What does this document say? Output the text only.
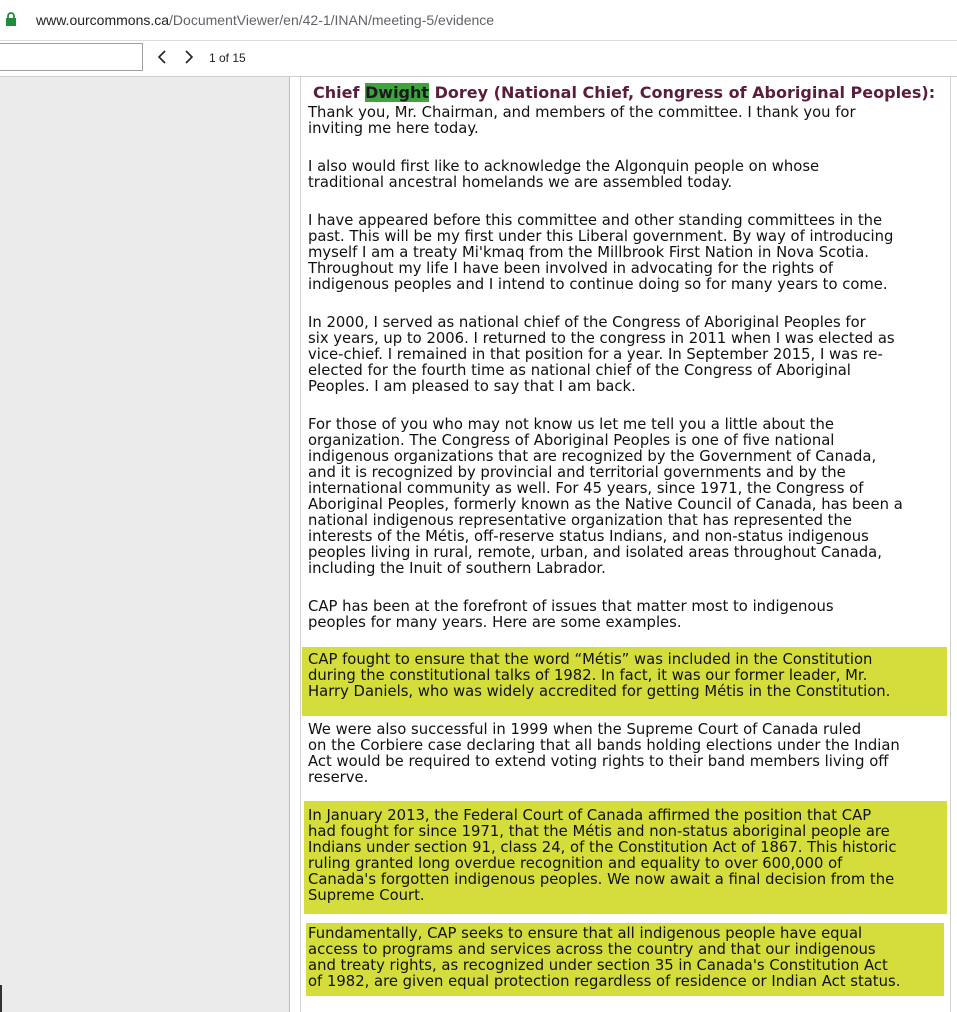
www.ourcommons.ca/DocumentViewer/en/42-1/INAN/meeting-5/evidence
1 of 15
Chief Dwight Dorey (National Chief, Congress of Aboriginal Peoples):
Thank you, Mr. Chairman, and members of the committee. I thank you for
inviting me here today.
I also would first like to acknowledge the Algonquin people on whose
traditional ancestral homelands we are assembled today.
I have appeared before this committee and other standing committees in the
past. This will be my first under this Liberal government. By way of introducing
myself I am a treaty Mi'kmaq from the Millbrook First Nation in Nova Scotia.
Throughout my life I have been involved in advocating for the rights of
indigenous peoples and I intend to continue doing so for many years to come.
In 2000, I served as national chief of the Congress of Aboriginal Peoples for
six years, up to 2006. I returned to the congress in 2011 when I was elected as
vice-chief. I remained in that position for a year. In September 2015, I was re-
elected for the fourth time as national chief of the Congress of Aboriginal
Peoples. I am pleased to say that I am back.
For those of you who may not know us let me tell you a little about the
organization. The Congress of Aboriginal Peoples is one of five national
indigenous organizations that are recognized by the Government of Canada,
and it is recognized by provincial and territorial governments and by the
international community as well. For 45 years, since 1971, the Congress of
Aboriginal Peoples, formerly known as the Native Council of Canada, has been a
national indigenous representative organization that has represented the
interests of the Métis, off-reserve status Indians, and non-status indigenous
peoples living in rural, remote, urban, and isolated areas throughout Canada,
including the Inuit of southern Labrador.
CAP has been at the forefront of issues that matter most to indigenous
peoples for many years. Here are some examples.
CAP fought to ensure that the word “Métis” was included in the Constitution
during the constitutional talks of 1982. In fact, it was our former leader, Mr.
Harry Daniels, who was widely accredited for getting Métis in the Constitution.
We were also successful in 1999 when the Supreme Court of Canada ruled
on the Corbiere case declaring that all bands holding elections under the Indian
Act would be required to extend voting rights to their band members living off
reserve.
In January 2013, the Federal Court of Canada affirmed the position that CAP
had fought for since 1971, that the Métis and non-status aboriginal people are
Indians under section 91, class 24, of the Constitution Act of 1867. This historic
ruling granted long overdue recognition and equality to over 600,000 of
Canada's forgotten indigenous peoples. We now await a final decision from the
Supreme Court.
Fundamentally, CAP seeks to ensure that all indigenous people have equal
access to programs and services across the country and that our indigenous
and treaty rights, as recognized under section 35 in Canada's Constitution Act
of 1982, are given equal protection regardless of residence or Indian Act status.
